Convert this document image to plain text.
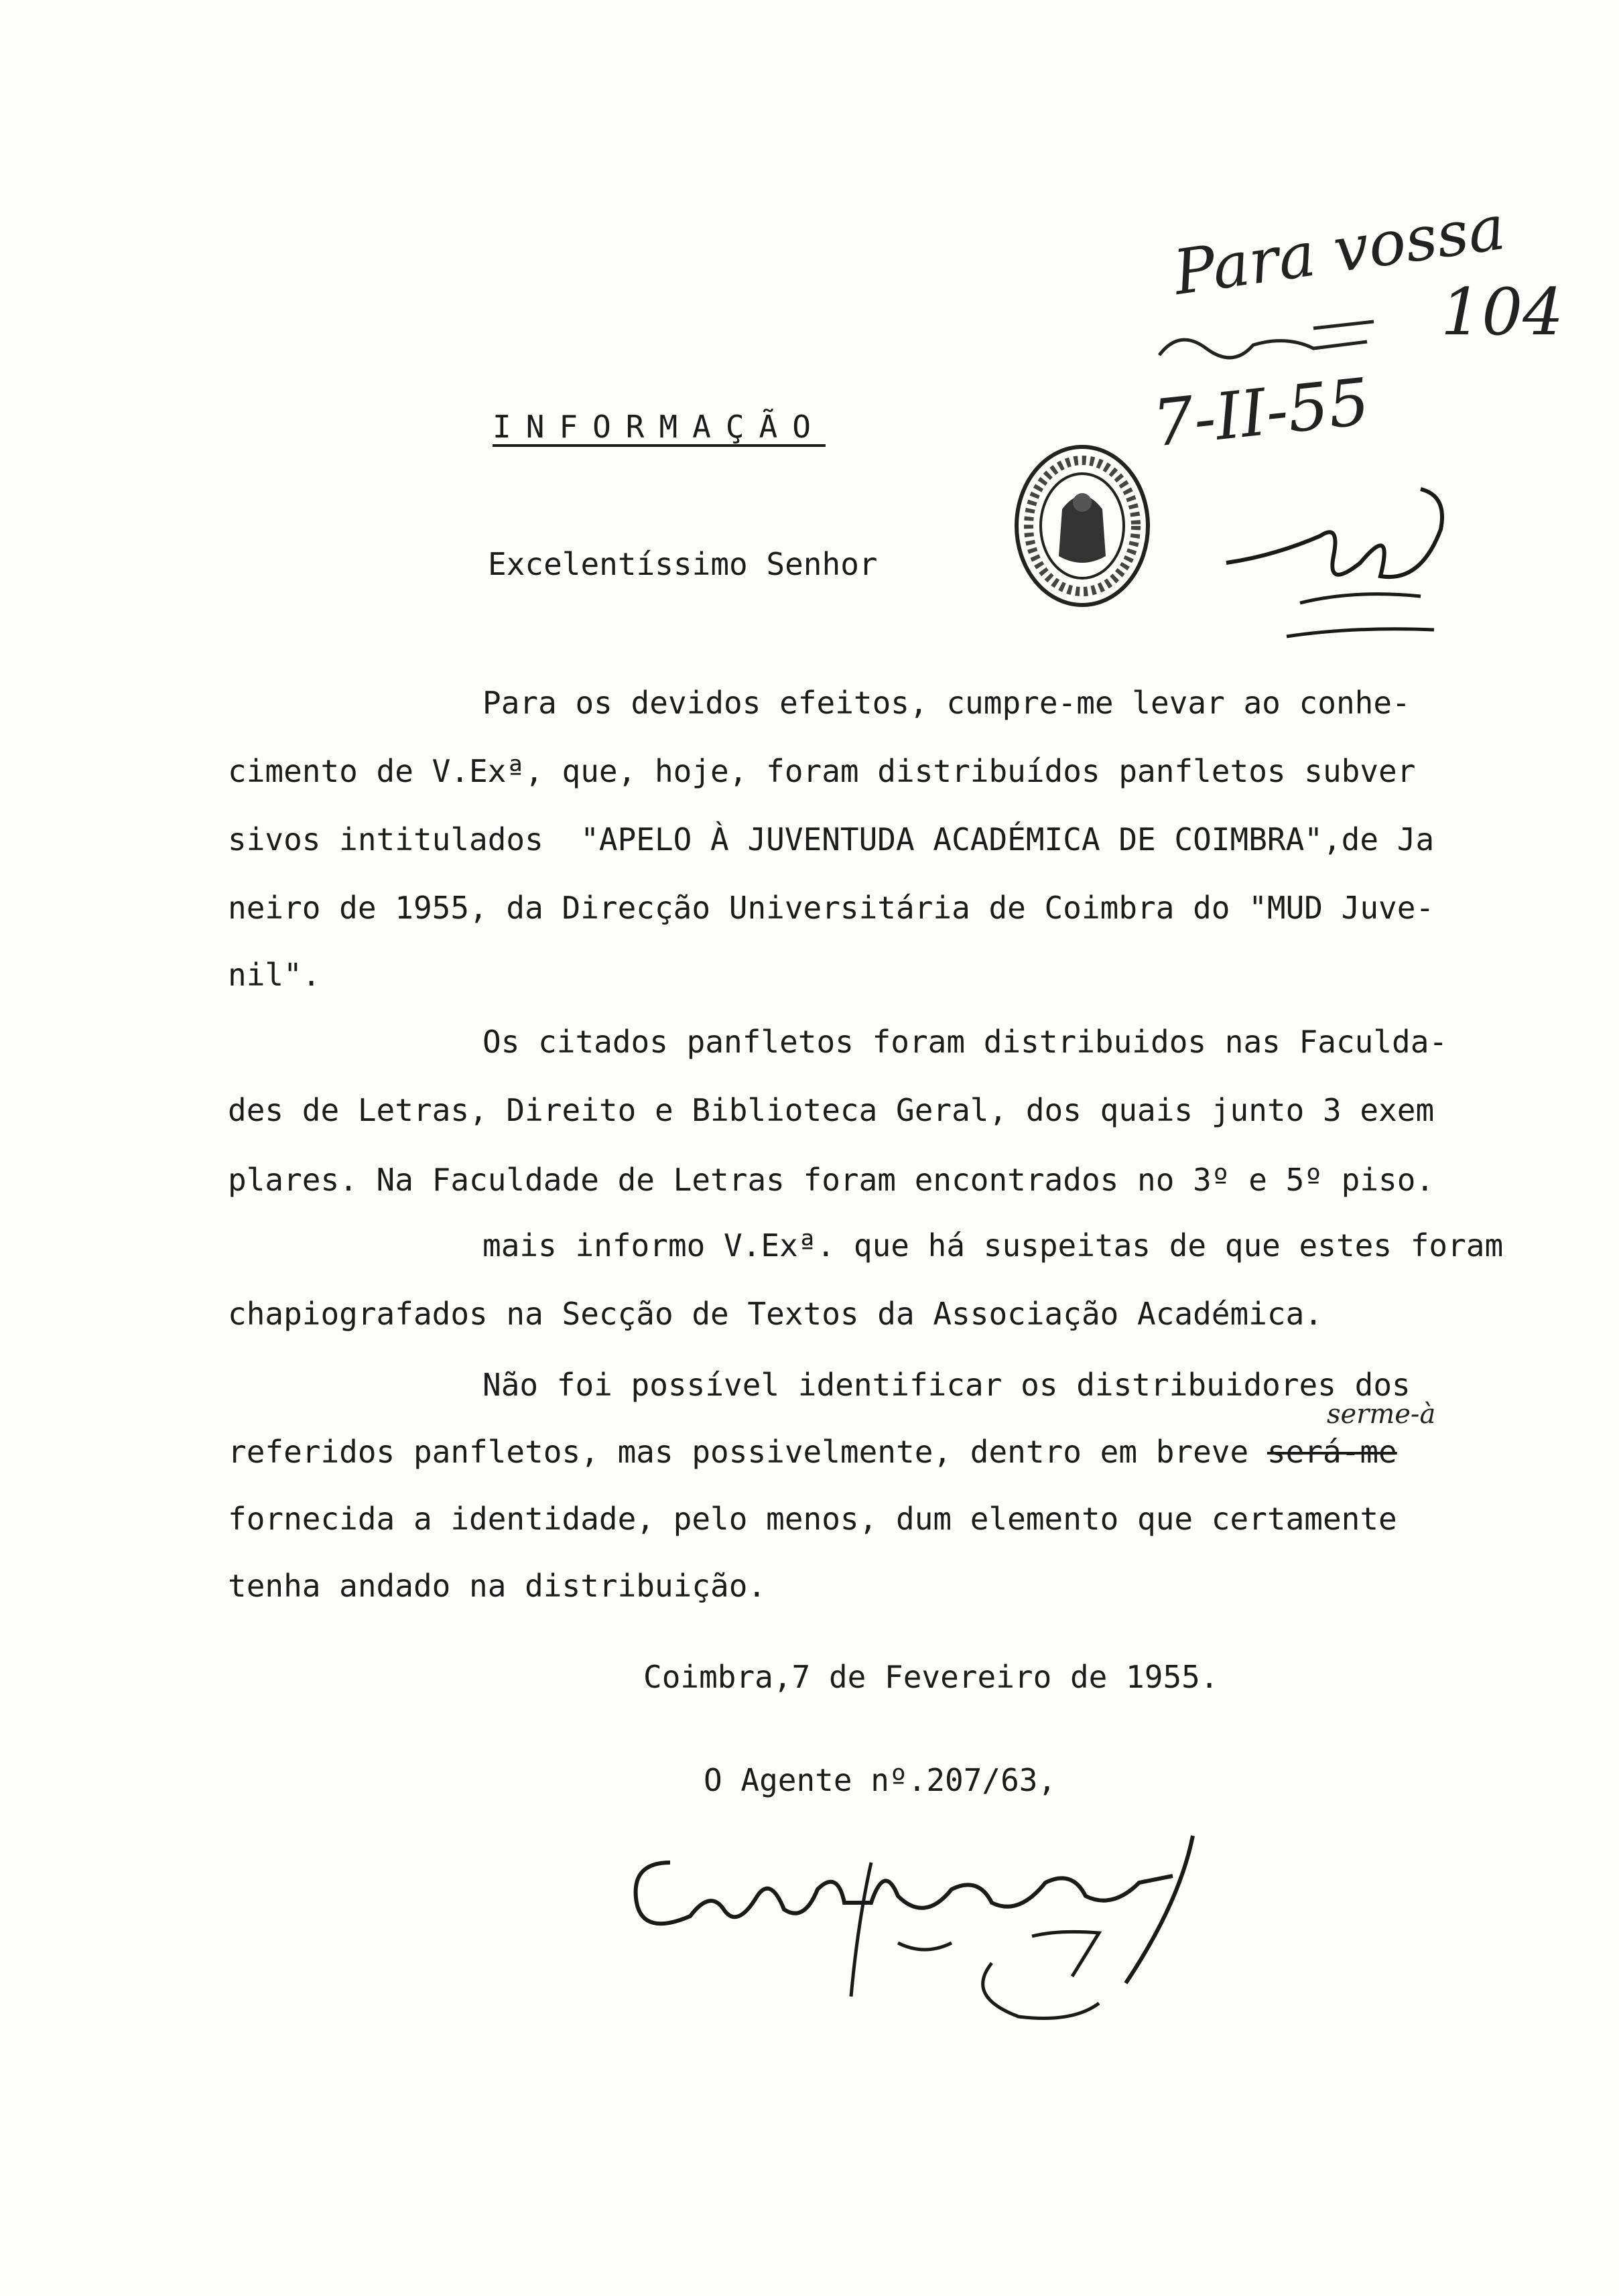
Para vossa
104
7-II-55
INFORMAÇÃO
Excelentíssimo Senhor
Para os devidos efeitos, cumpre-me levar ao conhe-
cimento de V.Exª, que, hoje, foram distribuídos panfletos subver
sivos intitulados  "APELO À JUVENTUDA ACADÉMICA DE COIMBRA",de Ja
neiro de 1955, da Direcção Universitária de Coimbra do "MUD Juve-
nil".
Os citados panfletos foram distribuidos nas Faculda-
des de Letras, Direito e Biblioteca Geral, dos quais junto 3 exem
plares. Na Faculdade de Letras foram encontrados no 3º e 5º piso.
mais informo V.Exª. que há suspeitas de que estes foram
chapiografados na Secção de Textos da Associação Académica.
Não foi possível identificar os distribuidores dos
serme-à
referidos panfletos, mas possivelmente, dentro em breve será-me
fornecida a identidade, pelo menos, dum elemento que certamente
tenha andado na distribuição.
Coimbra,7 de Fevereiro de 1955.
O Agente nº.207/63,
